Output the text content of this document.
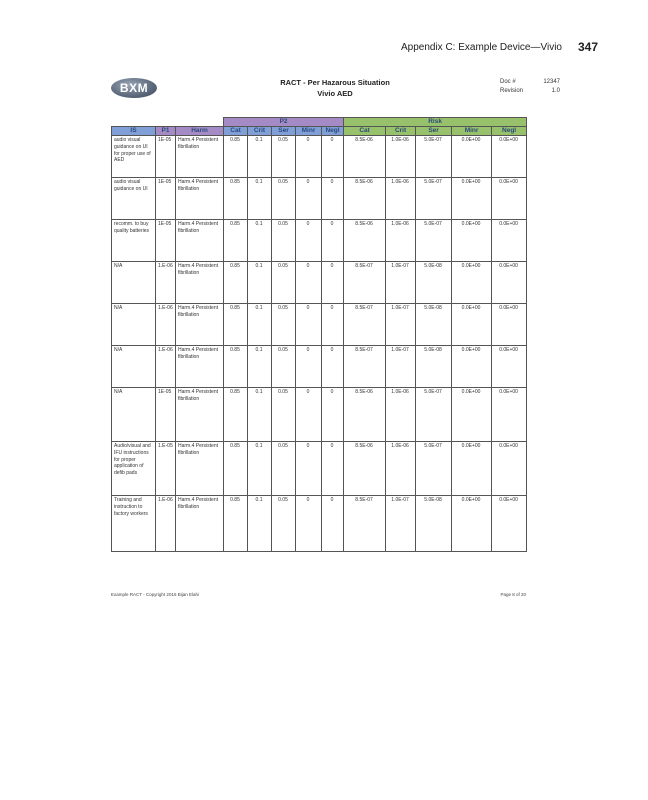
Appendix C: Example Device—Vivio 347
BXM	RACT - Per Hazarous Situation
Vivio AED
Doc #	12347
Revision	1.0
			P2					Risk				
IS	P1	Harm	Cat	Crit	Ser	Minr	Negl	Cat	Crit	Ser	Minr	Negl
audio visual guidance on UI for proper use of AED	1E-05	Harm.4 Persistent fibrillation	0.85	0.1	0.05	0	0	8.5E-06	1.0E-06	5.0E-07	0.0E+00	0.0E+00
audio visual guidance on UI	1E-05	Harm.4 Persistent fibrillation	0.85	0.1	0.05	0	0	8.5E-06	1.0E-06	5.0E-07	0.0E+00	0.0E+00
recomm. to buy quality batteries	1E-05	Harm.4 Persistent fibrillation	0.85	0.1	0.05	0	0	8.5E-06	1.0E-06	5.0E-07	0.0E+00	0.0E+00
N/A	1.E-06	Harm.4 Persistent fibrillation	0.85	0.1	0.05	0	0	8.5E-07	1.0E-07	5.0E-08	0.0E+00	0.0E+00
N/A	1.E-06	Harm.4 Persistent fibrillation	0.85	0.1	0.05	0	0	8.5E-07	1.0E-07	5.0E-08	0.0E+00	0.0E+00
N/A	1.E-06	Harm.4 Persistent fibrillation	0.85	0.1	0.05	0	0	8.5E-07	1.0E-07	5.0E-08	0.0E+00	0.0E+00
N/A	1E-05	Harm.4 Persistent fibrillation	0.85	0.1	0.05	0	0	8.5E-06	1.0E-06	5.0E-07	0.0E+00	0.0E+00
Audio/visual and IFU instructions for proper application of defib pads	1.E-05	Harm.4 Persistent fibrillation	0.85	0.1	0.05	0	0	8.5E-06	1.0E-06	5.0E-07	0.0E+00	0.0E+00
Training and instruction to factory workers	1.E-06	Harm.4 Persistent fibrillation	0.85	0.1	0.05	0	0	8.5E-07	1.0E-07	5.0E-08	0.0E+00	0.0E+00
Example RACT - Copyright 2016 Bijan Elahi	Page 8 of 20
